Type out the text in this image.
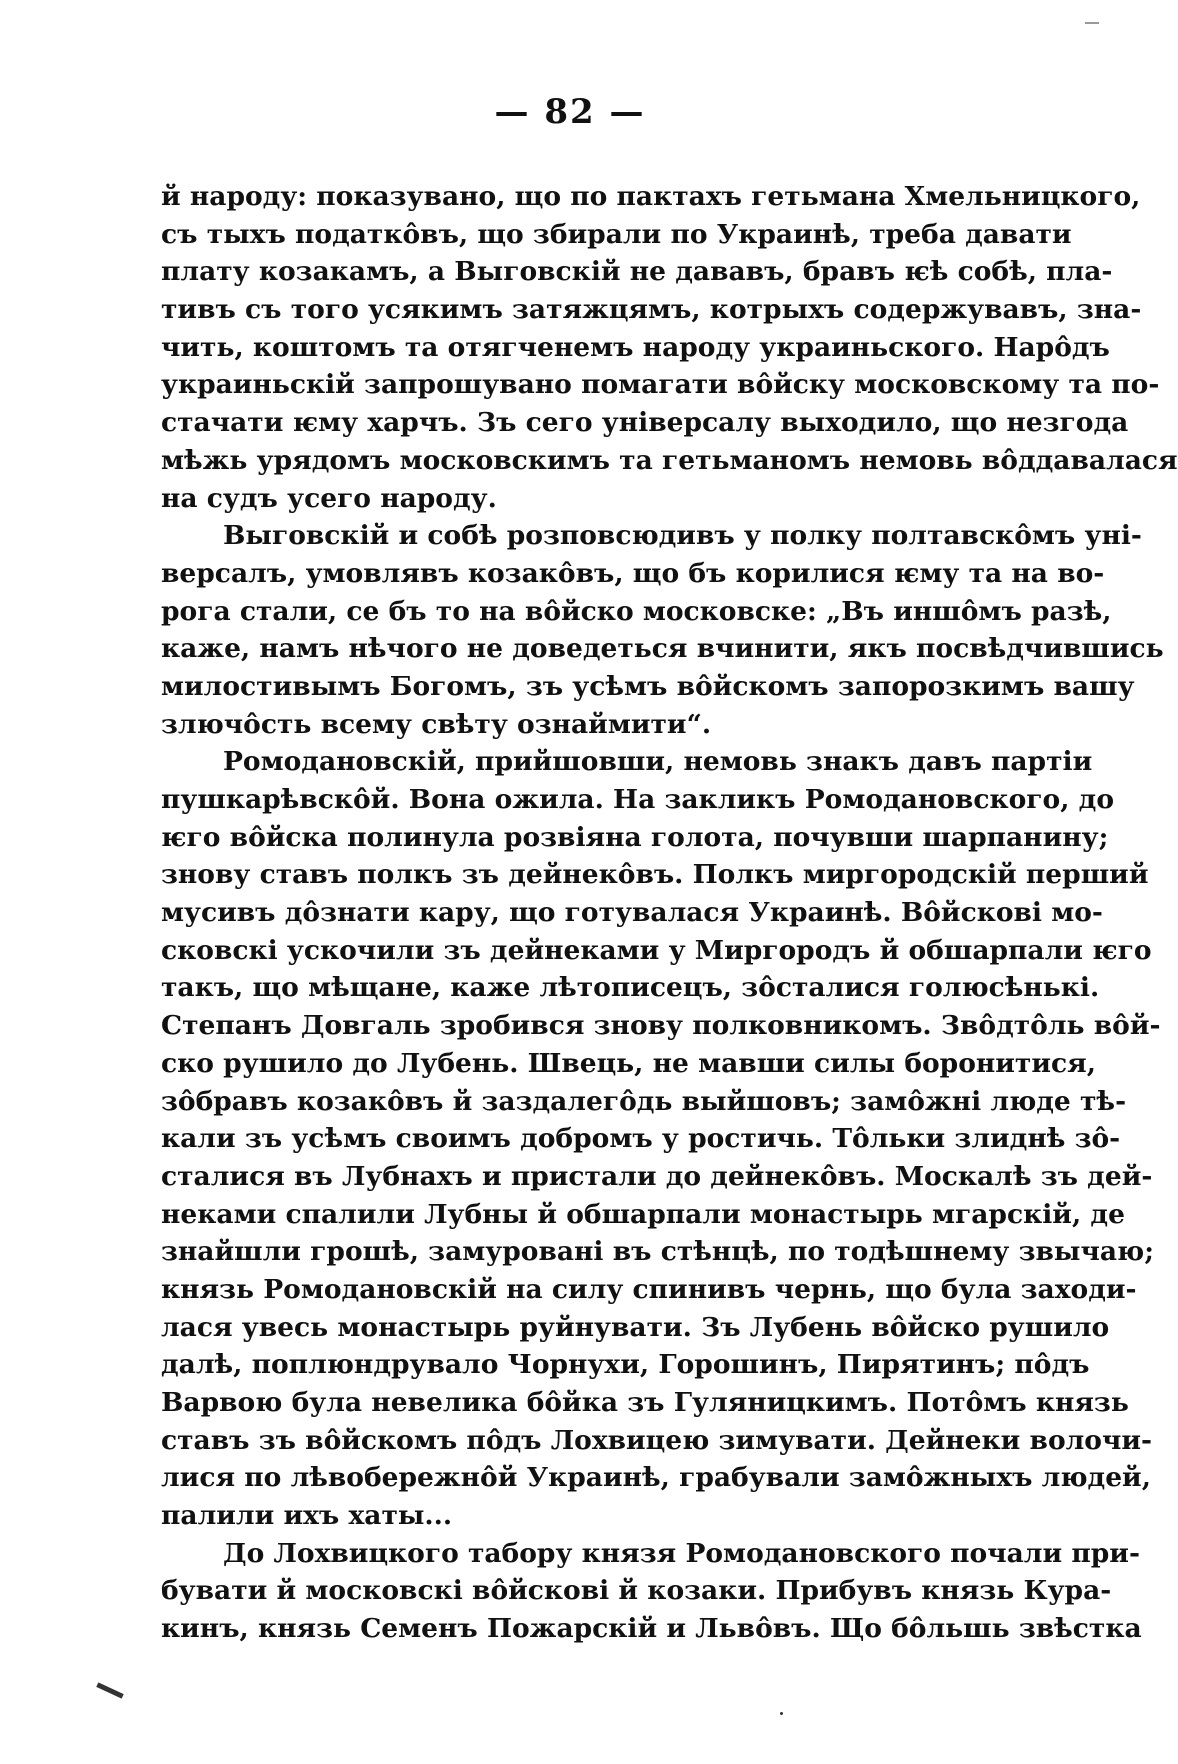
— 82 —
й народу: показувано, що по пактахъ гетьмана Хмельницкого,
съ тыхъ податкôвъ, що збирали по Украинѣ, треба давати
плату козакамъ, а Выговскій не дававъ, бравъ ѥѣ собѣ, пла-
тивъ съ того усякимъ затяжцямъ, котрыхъ содержувавъ, зна-
чить, коштомъ та отягченемъ народу украиньского. Нарôдъ
украиньскій запрошувано помагати вôйску московскому та по-
стачати ѥму харчъ. Зъ сего унiверсалу выходило, що незгода
мѣжь урядомъ московскимъ та гетьманомъ немовь вôддавалася
на судъ усего народу.
Выговскій и собѣ розповсюдивъ у полку полтавскôмъ унi-
версалъ, умовлявъ козакôвъ, що бъ корилися ѥму та на во-
рога стали, се бъ то на вôйско московске: „Въ иншôмъ разѣ,
каже, намъ нѣчого не доведеться вчинити, якъ посвѣдчившись
милостивымъ Богомъ, зъ усѣмъ вôйскомъ запорозкимъ вашу
злючôсть всему свѣту ознаймити“.
Ромодановскій, прийшовши, немовь знакъ давъ партiи
пушкарѣвскôй. Вона ожила. На закликъ Ромодановского, до
ѥго вôйска полинула розвiяна голота, почувши шарпанину;
знову ставъ полкъ зъ дейнекôвъ. Полкъ миргородскій перший
мусивъ дôзнати кару, що готувалася Украинѣ. Вôйскові мо-
сковскі ускочили зъ дейнеками у Миргородъ й обшарпали ѥго
такъ, що мѣщане, каже лѣтописецъ, зôсталися голюсѣнькі.
Степанъ Довгаль зробився знову полковникомъ. Звôдтôль вôй-
ско рушило до Лубень. Швець, не мавши силы боронитися,
зôбравъ козакôвъ й заздалегôдь выйшовъ; замôжні люде тѣ-
кали зъ усѣмъ своимъ добромъ у ростичь. Тôльки злиднѣ зô-
сталися въ Лубнахъ и пристали до дейнекôвъ. Москалѣ зъ дей-
неками спалили Лубны й обшарпали монастырь мгарскій, де
знайшли грошѣ, замуровані въ стѣнцѣ, по тодѣшнему звычаю;
князь Ромодановскій на силу спинивъ чернь, що була заходи-
лася увесь монастырь руйнувати. Зъ Лубень вôйско рушило
далѣ, поплюндрувало Чорнухи, Горошинъ, Пирятинъ; пôдъ
Варвою була невелика бôйка зъ Гуляницкимъ. Потôмъ князь
ставъ зъ вôйскомъ пôдъ Лохвицею зимувати. Дейнеки волочи-
лися по лѣвобережнôй Украинѣ, грабували замôжныхъ людей,
палили ихъ хаты...
До Лохвицкого табору князя Ромодановского почали при-
бувати й московскі вôйскові й козаки. Прибувъ князь Кура-
кинъ, князь Семенъ Пожарскій и Львôвъ. Що бôльшь звѣстка
